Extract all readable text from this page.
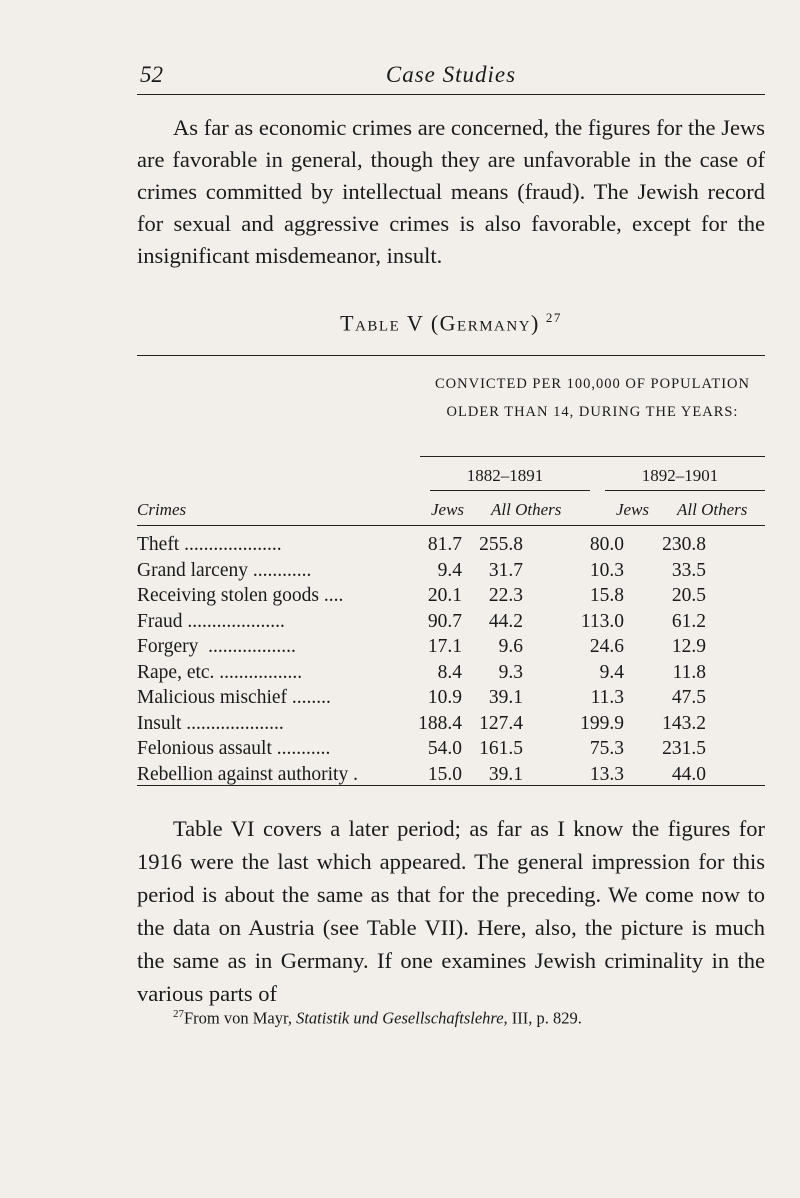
52	Case Studies

As far as economic crimes are concerned, the figures for the Jews are favorable in general, though they are unfavorable in the case of crimes committed by intellectual means (fraud). The Jewish record for sexual and aggressive crimes is also favorable, except for the insignificant misdemeanor, insult.

Table V (Germany) $^{27}$
CONVICTED PER 100,000 OF POPULATION OLDER THAN 14, DURING THE YEARS:
1882–1891	1892–1901
Crimes	Jews All Others	Jews All Others
Theft ....................	81.7 255.8	80.0	230.8
Grand larceny ............	9.4	31.7	10.3	33.5
Receiving stolen goods ....	20.1	22.3	15.8	20.5
Fraud ....................	90.7	44.2	113.0	61.2
Forgery  ..................	17.1	9.6	24.6	12.9
Rape, etc. .................	8.4	9.3	9.4	11.8
Malicious mischief ........	10.9	39.1	11.3	47.5
Insult ....................	188.4 127.4	199.9	143.2
Felonious assault ...........	54.0 161.5	75.3	231.5
Rebellion against authority .	15.0	39.1	13.3	44.0

Table VI covers a later period; as far as I know the figures for 1916 were the last which appeared. The general impression for this period is about the same as that for the preceding. We come now to the data on Austria (see Table VII). Here, also, the picture is much the same as in Germany. If one examines Jewish criminality in the various parts of

$^{27}$From von Mayr, Statistik und Gesellschaftslehre, III, p. 829.
